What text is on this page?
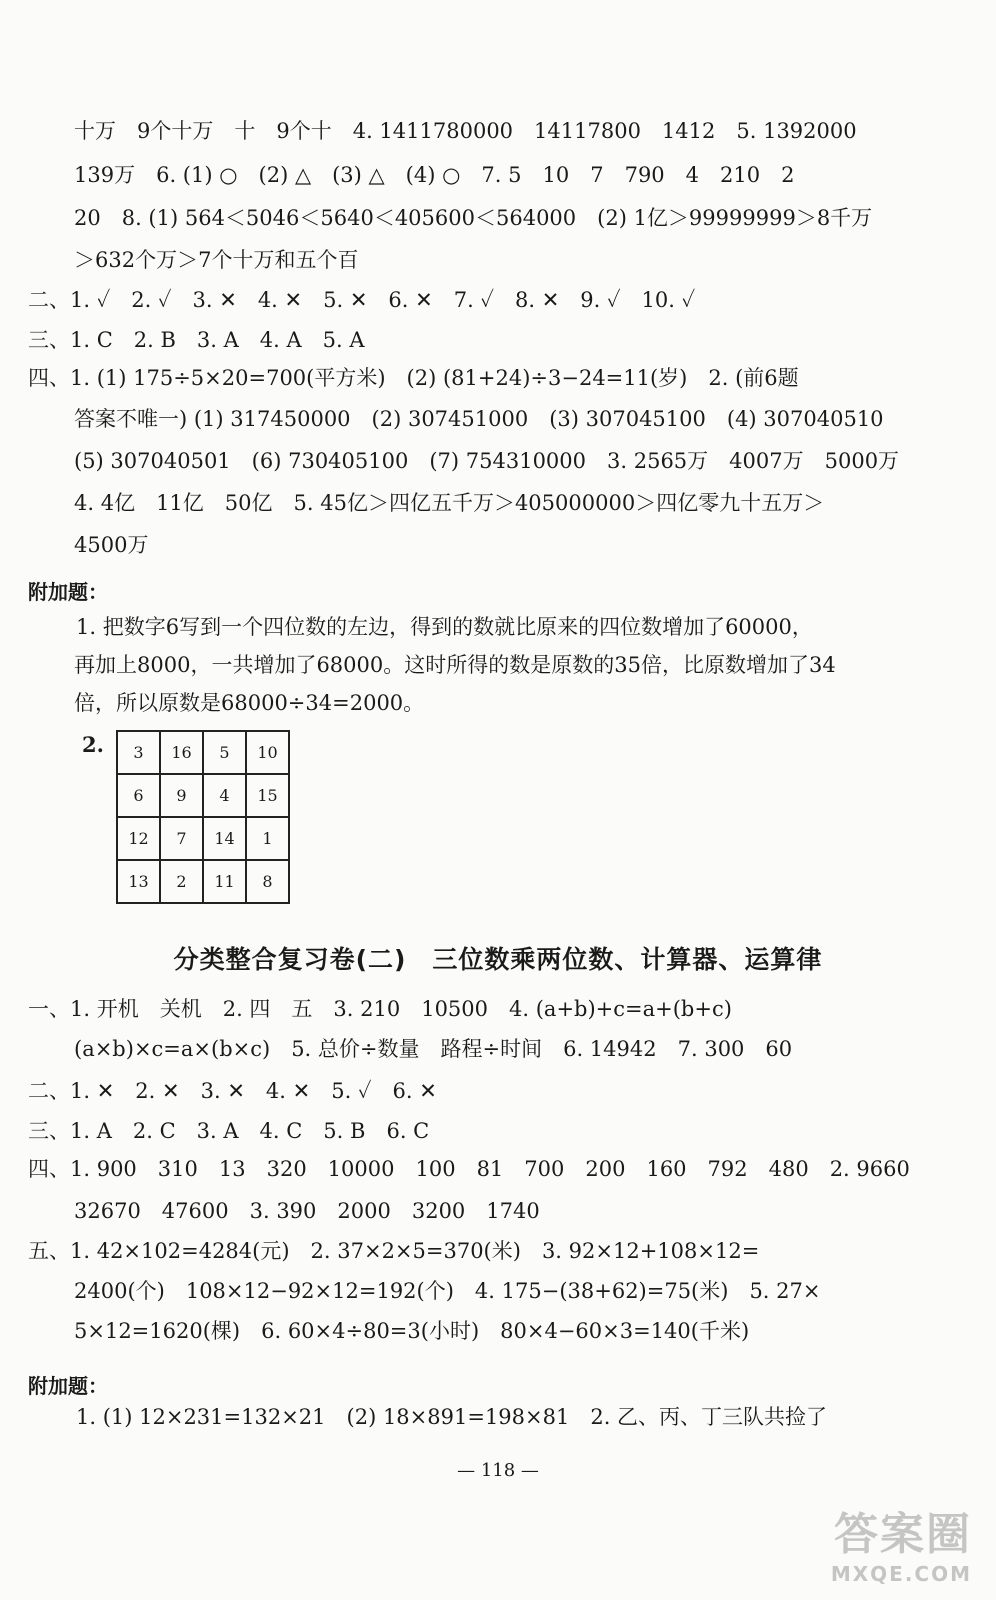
十万　9个十万　十　9个十　4. 1411780000　14117800　1412　5. 1392000
139万　6. (1) ○　(2) △　(3) △　(4) ○　7. 5　10　7　790　4　210　2
20　8. (1) 564＜5046＜5640＜405600＜564000　(2) 1亿＞99999999＞8千万
＞632个万＞7个十万和五个百
二、1. ✓　2. ✓　3. ✕　4. ✕　5. ✕　6. ✕　7. ✓　8. ✕　9. ✓　10. ✓
三、1. C　2. B　3. A　4. A　5. A
四、1. (1) 175÷5×20=700(平方米)　(2) (81+24)÷3−24=11(岁)　2. (前6题
答案不唯一) (1) 317450000　(2) 307451000　(3) 307045100　(4) 307040510
(5) 307040501　(6) 730405100　(7) 754310000　3. 2565万　4007万　5000万
4. 4亿　11亿　50亿　5. 45亿＞四亿五千万＞405000000＞四亿零九十五万＞
4500万
附加题：
1. 把数字6写到一个四位数的左边，得到的数就比原来的四位数增加了60000，
再加上8000，一共增加了68000。这时所得的数是原数的35倍，比原数增加了34
倍，所以原数是68000÷34=2000。
2. 3	16	5	10
6	9	4	15
12	7	14	1
13	2	11	8
分类整合复习卷(二)　三位数乘两位数、计算器、运算律
一、1. 开机　关机　2. 四　五　3. 210　10500　4. (a+b)+c=a+(b+c)
(a×b)×c=a×(b×c)　5. 总价÷数量　路程÷时间　6. 14942　7. 300　60
二、1. ✕　2. ✕　3. ✕　4. ✕　5. ✓　6. ✕
三、1. A　2. C　3. A　4. C　5. B　6. C
四、1. 900　310　13　320　10000　100　81　700　200　160　792　480　2. 9660
32670　47600　3. 390　2000　3200　1740
五、1. 42×102=4284(元)　2. 37×2×5=370(米)　3. 92×12+108×12=
2400(个)　108×12−92×12=192(个)　4. 175−(38+62)=75(米)　5. 27×
5×12=1620(棵)　6. 60×4÷80=3(小时)　80×4−60×3=140(千米)
附加题：
1. (1) 12×231=132×21　(2) 18×891=198×81　2. 乙、丙、丁三队共捡了
— 118 —
答案圈
MXQE.COM
